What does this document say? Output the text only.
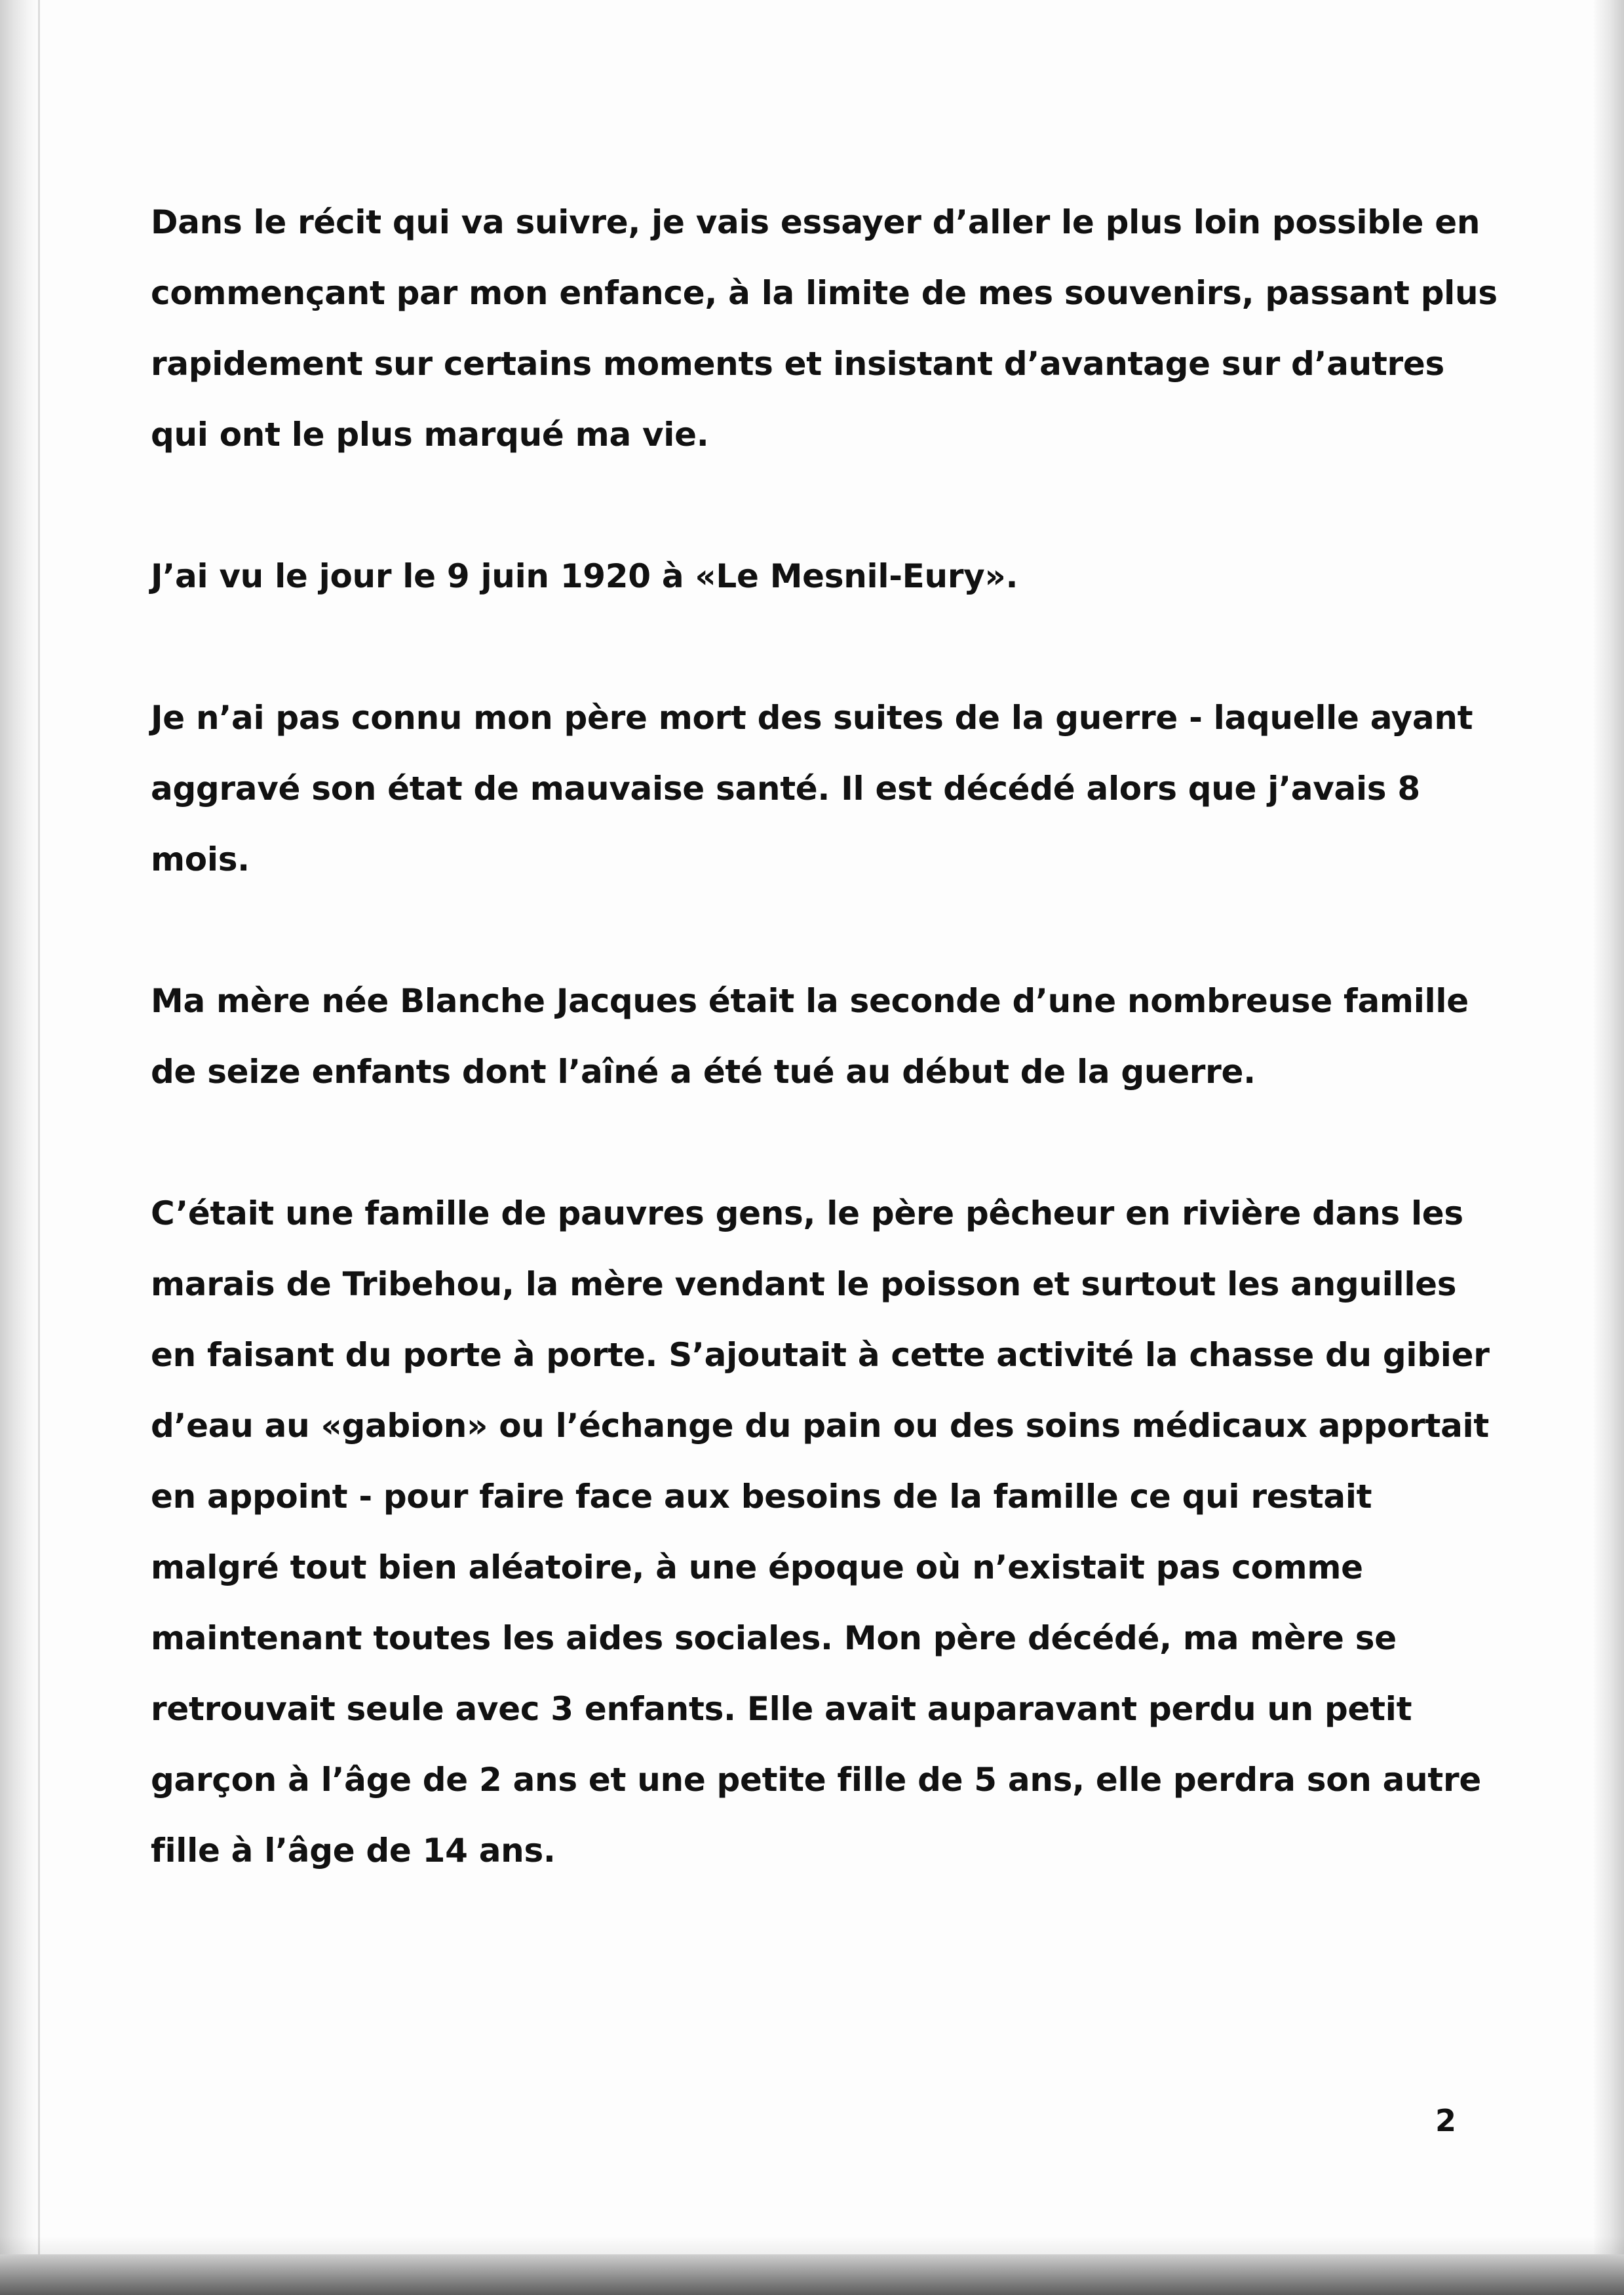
Dans le récit qui va suivre, je vais essayer d’aller le plus loin possible en commençant par mon enfance, à la limite de mes souvenirs, passant plus rapidement sur certains moments et insistant d’avantage sur d’autres qui ont le plus marqué ma vie.

J’ai vu le jour le 9 juin 1920 à «Le Mesnil-Eury».

Je n’ai pas connu mon père mort des suites de la guerre - laquelle ayant aggravé son état de mauvaise santé. Il est décédé alors que j’avais 8 mois.

Ma mère née Blanche Jacques était la seconde d’une nombreuse famille de seize enfants dont l’aîné a été tué au début de la guerre.

C’était une famille de pauvres gens, le père pêcheur en rivière dans les marais de Tribehou, la mère vendant le poisson et surtout les anguilles en faisant du porte à porte. S’ajoutait à cette activité la chasse du gibier d’eau au «gabion» ou l’échange du pain ou des soins médicaux apportait en appoint - pour faire face aux besoins de la famille ce qui restait malgré tout bien aléatoire, à une époque où n’existait pas comme maintenant toutes les aides sociales. Mon père décédé, ma mère se retrouvait seule avec 3 enfants. Elle avait auparavant perdu un petit garçon à l’âge de 2 ans et une petite fille de 5 ans, elle perdra son autre fille à l’âge de 14 ans.

2
